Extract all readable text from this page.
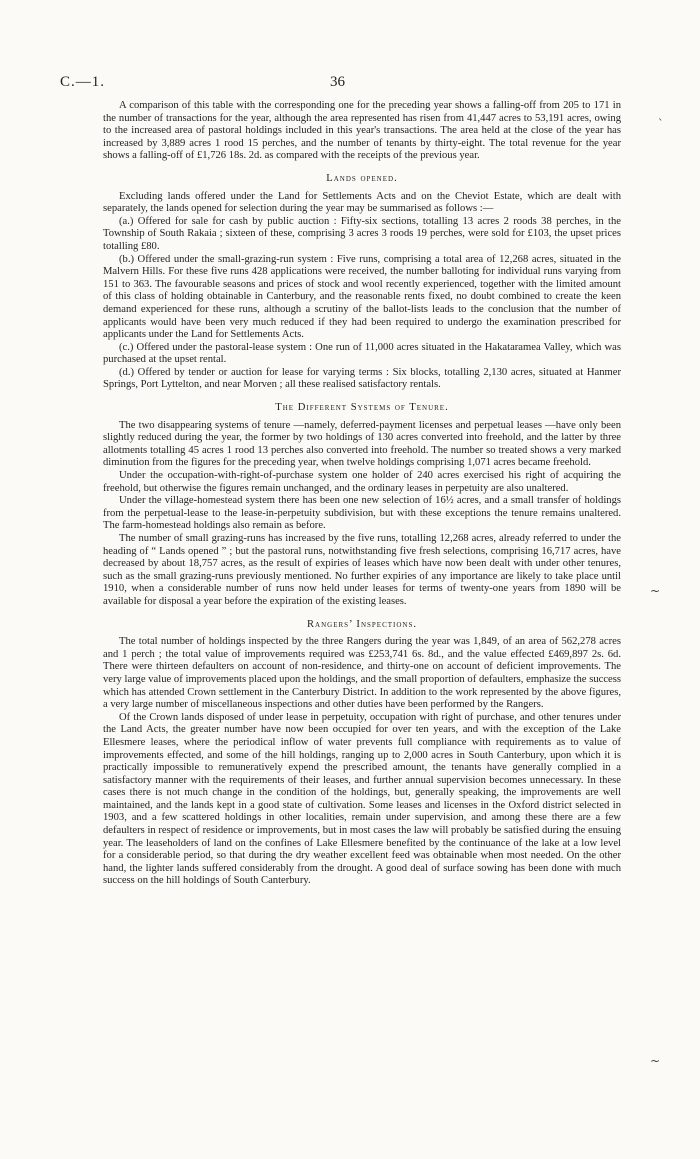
C.—1.	36
ˎ
~
~

A comparison of this table with the corresponding one for the preceding year shows a falling-off from 205 to 171 in the number of transactions for the year, although the area represented has risen from 41,447 acres to 53,191 acres, owing to the increased area of pastoral holdings included in this year's transactions. The area held at the close of the year has increased by 3,889 acres 1 rood 15 perches, and the number of tenants by thirty-eight. The total revenue for the year shows a falling-off of £1,726 18s. 2d. as compared with the receipts of the previous year.

Lands opened.

Excluding lands offered under the Land for Settlements Acts and on the Cheviot Estate, which are dealt with separately, the lands opened for selection during the year may be summarised as follows :—

(a.) Offered for sale for cash by public auction : Fifty-six sections, totalling 13 acres 2 roods 38 perches, in the Township of South Rakaia ; sixteen of these, comprising 3 acres 3 roods 19 perches, were sold for £103, the upset prices totalling £80.

(b.) Offered under the small-grazing-run system : Five runs, comprising a total area of 12,268 acres, situated in the Malvern Hills. For these five runs 428 applications were received, the number balloting for individual runs varying from 151 to 363. The favourable seasons and prices of stock and wool recently experienced, together with the limited amount of this class of holding obtainable in Canterbury, and the reasonable rents fixed, no doubt combined to create the keen demand experienced for these runs, although a scrutiny of the ballot-lists leads to the conclusion that the number of applicants would have been very much reduced if they had been required to undergo the examination prescribed for applicants under the Land for Settlements Acts.

(c.) Offered under the pastoral-lease system : One run of 11,000 acres situated in the Hakataramea Valley, which was purchased at the upset rental.

(d.) Offered by tender or auction for lease for varying terms : Six blocks, totalling 2,130 acres, situated at Hanmer Springs, Port Lyttelton, and near Morven ; all these realised satisfactory rentals.

The Different Systems of Tenure.

The two disappearing systems of tenure —namely, deferred-payment licenses and perpetual leases —have only been slightly reduced during the year, the former by two holdings of 130 acres converted into freehold, and the latter by three allotments totalling 45 acres 1 rood 13 perches also converted into freehold. The number so treated shows a very marked diminution from the figures for the preceding year, when twelve holdings comprising 1,071 acres became freehold.

Under the occupation-with-right-of-purchase system one holder of 240 acres exercised his right of acquiring the freehold, but otherwise the figures remain unchanged, and the ordinary leases in perpetuity are also unaltered.

Under the village-homestead system there has been one new selection of 16½ acres, and a small transfer of holdings from the perpetual-lease to the lease-in-perpetuity subdivision, but with these exceptions the tenure remains unaltered. The farm-homestead holdings also remain as before.

The number of small grazing-runs has increased by the five runs, totalling 12,268 acres, already referred to under the heading of “ Lands opened ” ; but the pastoral runs, notwithstanding five fresh selections, comprising 16,717 acres, have decreased by about 18,757 acres, as the result of expiries of leases which have now been dealt with under other tenures, such as the small grazing-runs previously mentioned. No further expiries of any importance are likely to take place until 1910, when a considerable number of runs now held under leases for terms of twenty-one years from 1890 will be available for disposal a year before the expiration of the existing leases.

Rangers’ Inspections.

The total number of holdings inspected by the three Rangers during the year was 1,849, of an area of 562,278 acres and 1 perch ; the total value of improvements required was £253,741 6s. 8d., and the value effected £469,897 2s. 6d. There were thirteen defaulters on account of non-residence, and thirty-one on account of deficient improvements. The very large value of improvements placed upon the holdings, and the small proportion of defaulters, emphasize the success which has attended Crown settlement in the Canterbury District. In addition to the work represented by the above figures, a very large number of miscellaneous inspections and other duties have been performed by the Rangers.

Of the Crown lands disposed of under lease in perpetuity, occupation with right of purchase, and other tenures under the Land Acts, the greater number have now been occupied for over ten years, and with the exception of the Lake Ellesmere leases, where the periodical inflow of water prevents full compliance with requirements as to value of improvements effected, and some of the hill holdings, ranging up to 2,000 acres in South Canterbury, upon which it is practically impossible to remuneratively expend the prescribed amount, the tenants have generally complied in a satisfactory manner with the requirements of their leases, and further annual supervision becomes unnecessary. In these cases there is not much change in the condition of the holdings, but, generally speaking, the improvements are well maintained, and the lands kept in a good state of cultivation. Some leases and licenses in the Oxford district selected in 1903, and a few scattered holdings in other localities, remain under supervision, and among these there are a few defaulters in respect of residence or improvements, but in most cases the law will probably be satisfied during the ensuing year. The leaseholders of land on the confines of Lake Ellesmere benefited by the continuance of the lake at a low level for a considerable period, so that during the dry weather excellent feed was obtainable when most needed. On the other hand, the lighter lands suffered considerably from the drought. A good deal of surface sowing has been done with much success on the hill holdings of South Canterbury.
